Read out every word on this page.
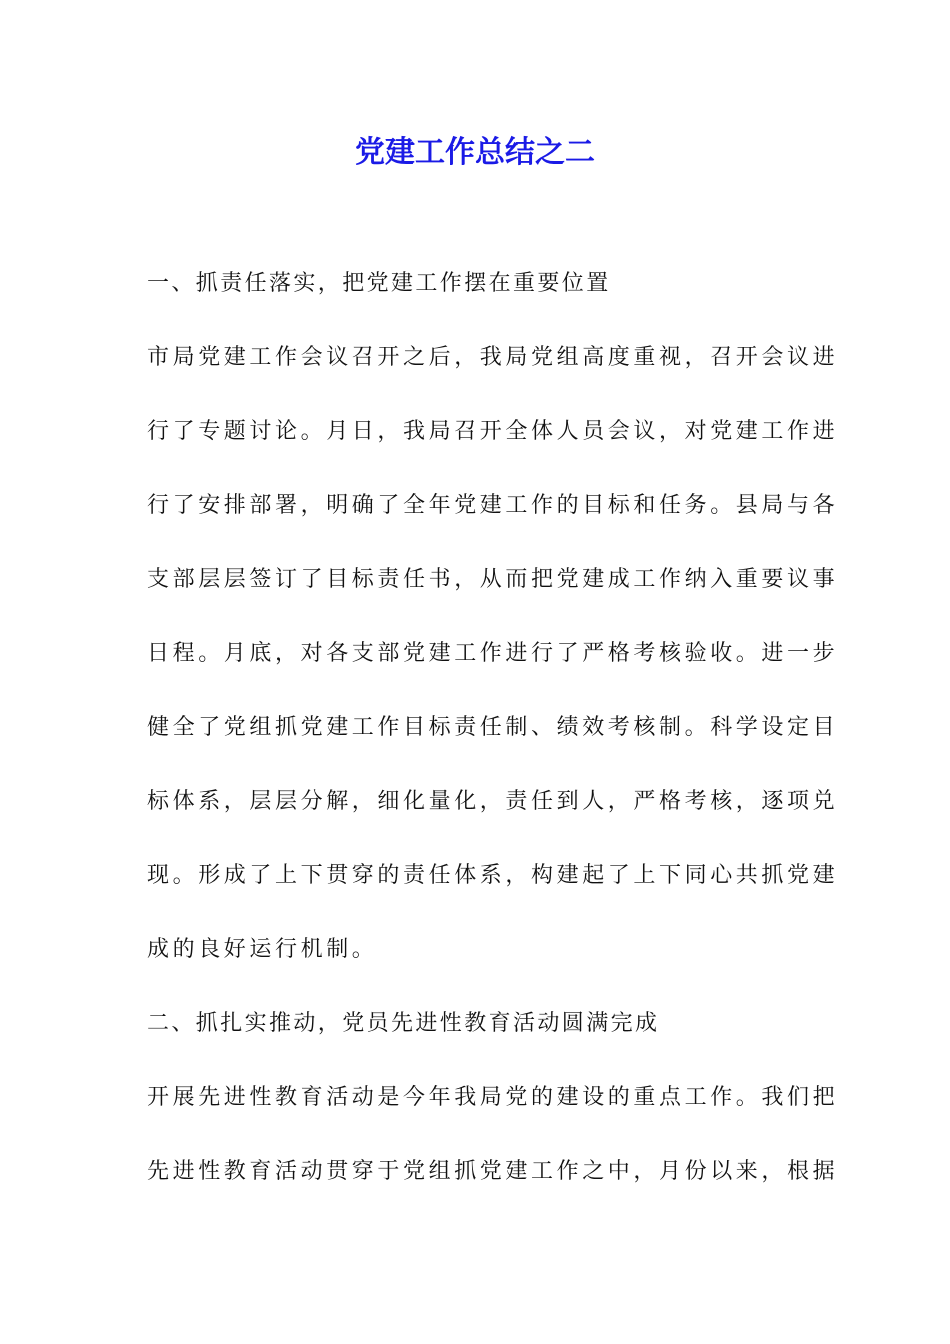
党建工作总结之二
一、抓责任落实，把党建工作摆在重要位置
市局党建工作会议召开之后，我局党组高度重视，召开会议进
行了专题讨论。月日，我局召开全体人员会议，对党建工作进
行了安排部署，明确了全年党建工作的目标和任务。县局与各
支部层层签订了目标责任书，从而把党建成工作纳入重要议事
日程。月底，对各支部党建工作进行了严格考核验收。进一步
健全了党组抓党建工作目标责任制、绩效考核制。科学设定目
标体系，层层分解，细化量化，责任到人，严格考核，逐项兑
现。形成了上下贯穿的责任体系，构建起了上下同心共抓党建
成的良好运行机制。
二、抓扎实推动，党员先进性教育活动圆满完成
开展先进性教育活动是今年我局党的建设的重点工作。我们把
先进性教育活动贯穿于党组抓党建工作之中，月份以来，根据
